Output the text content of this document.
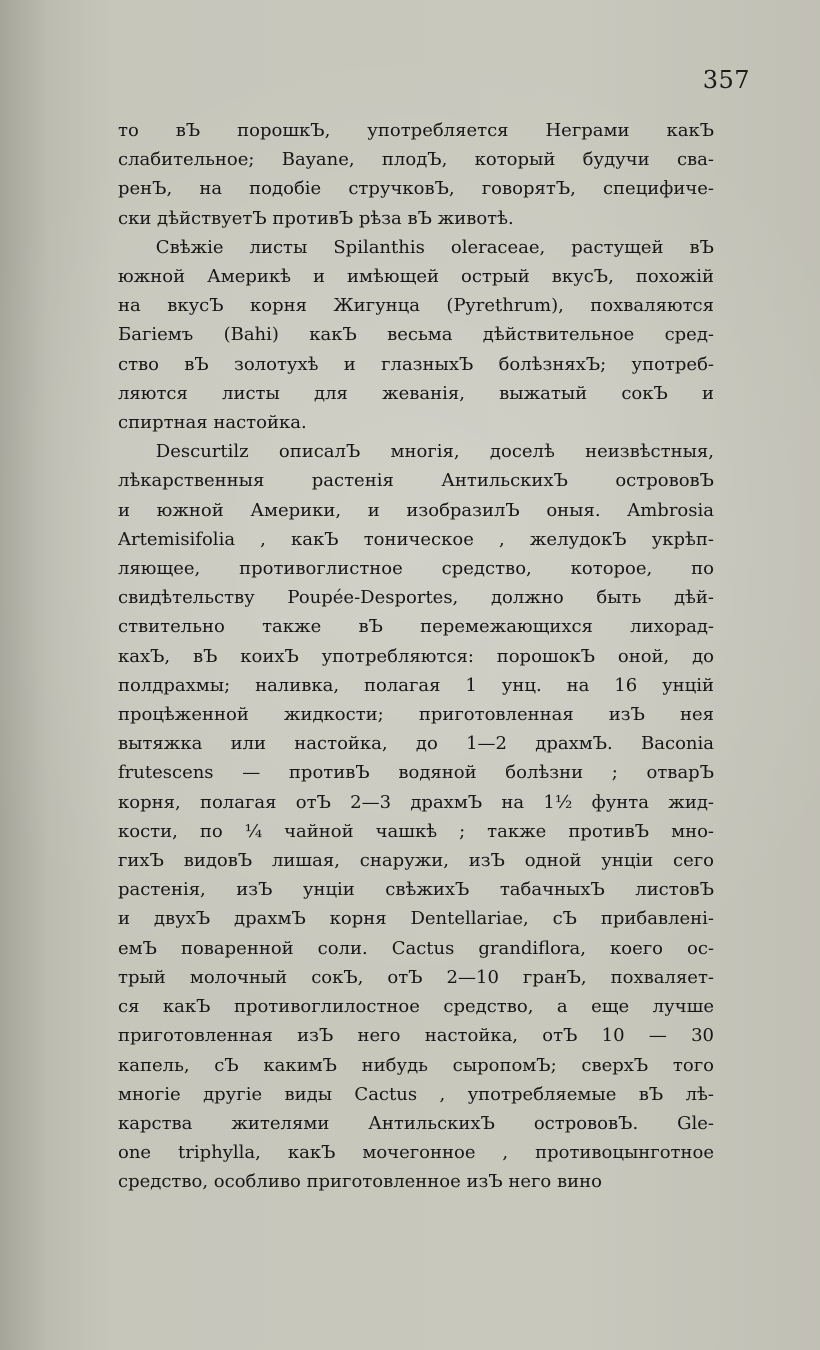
357
то вЪ порошкЪ, употребляется Неграми какЪ
слабительное; Bayane, плодЪ, который будучи сва-
ренЪ, на подобіе стручковЪ, говорятЪ, специфиче-
ски дѣйствуетЪ противЪ рѣза вЪ животѣ.
Свѣжіе листы Spilanthis oleraceae, растущей вЪ
южной Америкѣ и имѣющей острый вкусЪ, похожій
на вкусЪ корня Жигунца (Pyrethrum), похваляются
Багіемъ (Bahi) какЪ весьма дѣйствительное сред-
ство вЪ золотухѣ и глазныхЪ болѣзняхЪ; употреб-
ляются листы для жеванія, выжатый сокЪ и
спиртная настойка.
Descurtilz описалЪ многія, доселѣ неизвѣстныя,
лѣкарственныя растенія АнтильскихЪ острововЪ
и южной Америки, и изобразилЪ оныя. Ambrosia
Artemisifolia , какЪ тоническое , желудокЪ укрѣп-
ляющее, противоглистное средство, которое, по
свидѣтельству Poupée-Desportes, должно быть дѣй-
ствительно также вЪ перемежающихся лихорад-
кахЪ, вЪ коихЪ употребляются: порошокЪ оной, до
полдрахмы; наливка, полагая 1 унц. на 16 унцій
процѣженной жидкости; приготовленная изЪ нея
вытяжка или настойка, до 1—2 драхмЪ. Baconia
frutescens — противЪ водяной болѣзни ; отварЪ
корня, полагая отЪ 2—3 драхмЪ на 1½ фунта жид-
кости, по ¼ чайной чашкѣ ; также противЪ мно-
гихЪ видовЪ лишая, снаружи, изЪ одной унціи сего
растенія, изЪ унціи свѣжихЪ табачныхЪ листовЪ
и двухЪ драхмЪ корня Dentellariae, сЪ прибавлені-
емЪ поваренной соли. Cactus grandiflora, коего ос-
трый молочный сокЪ, отЪ 2—10 гранЪ, похваляет-
ся какЪ противоглилостное средство, а еще лучше
приготовленная изЪ него настойка, отЪ 10 — 30
капель, сЪ какимЪ нибудь сыропомЪ; сверхЪ того
многіе другіе виды Cactus , употребляемые вЪ лѣ-
карства жителями АнтильскихЪ острововЪ. Gle-
one triphylla, какЪ мочегонное , противоцынготное
средство, особливо приготовленное изЪ него вино
